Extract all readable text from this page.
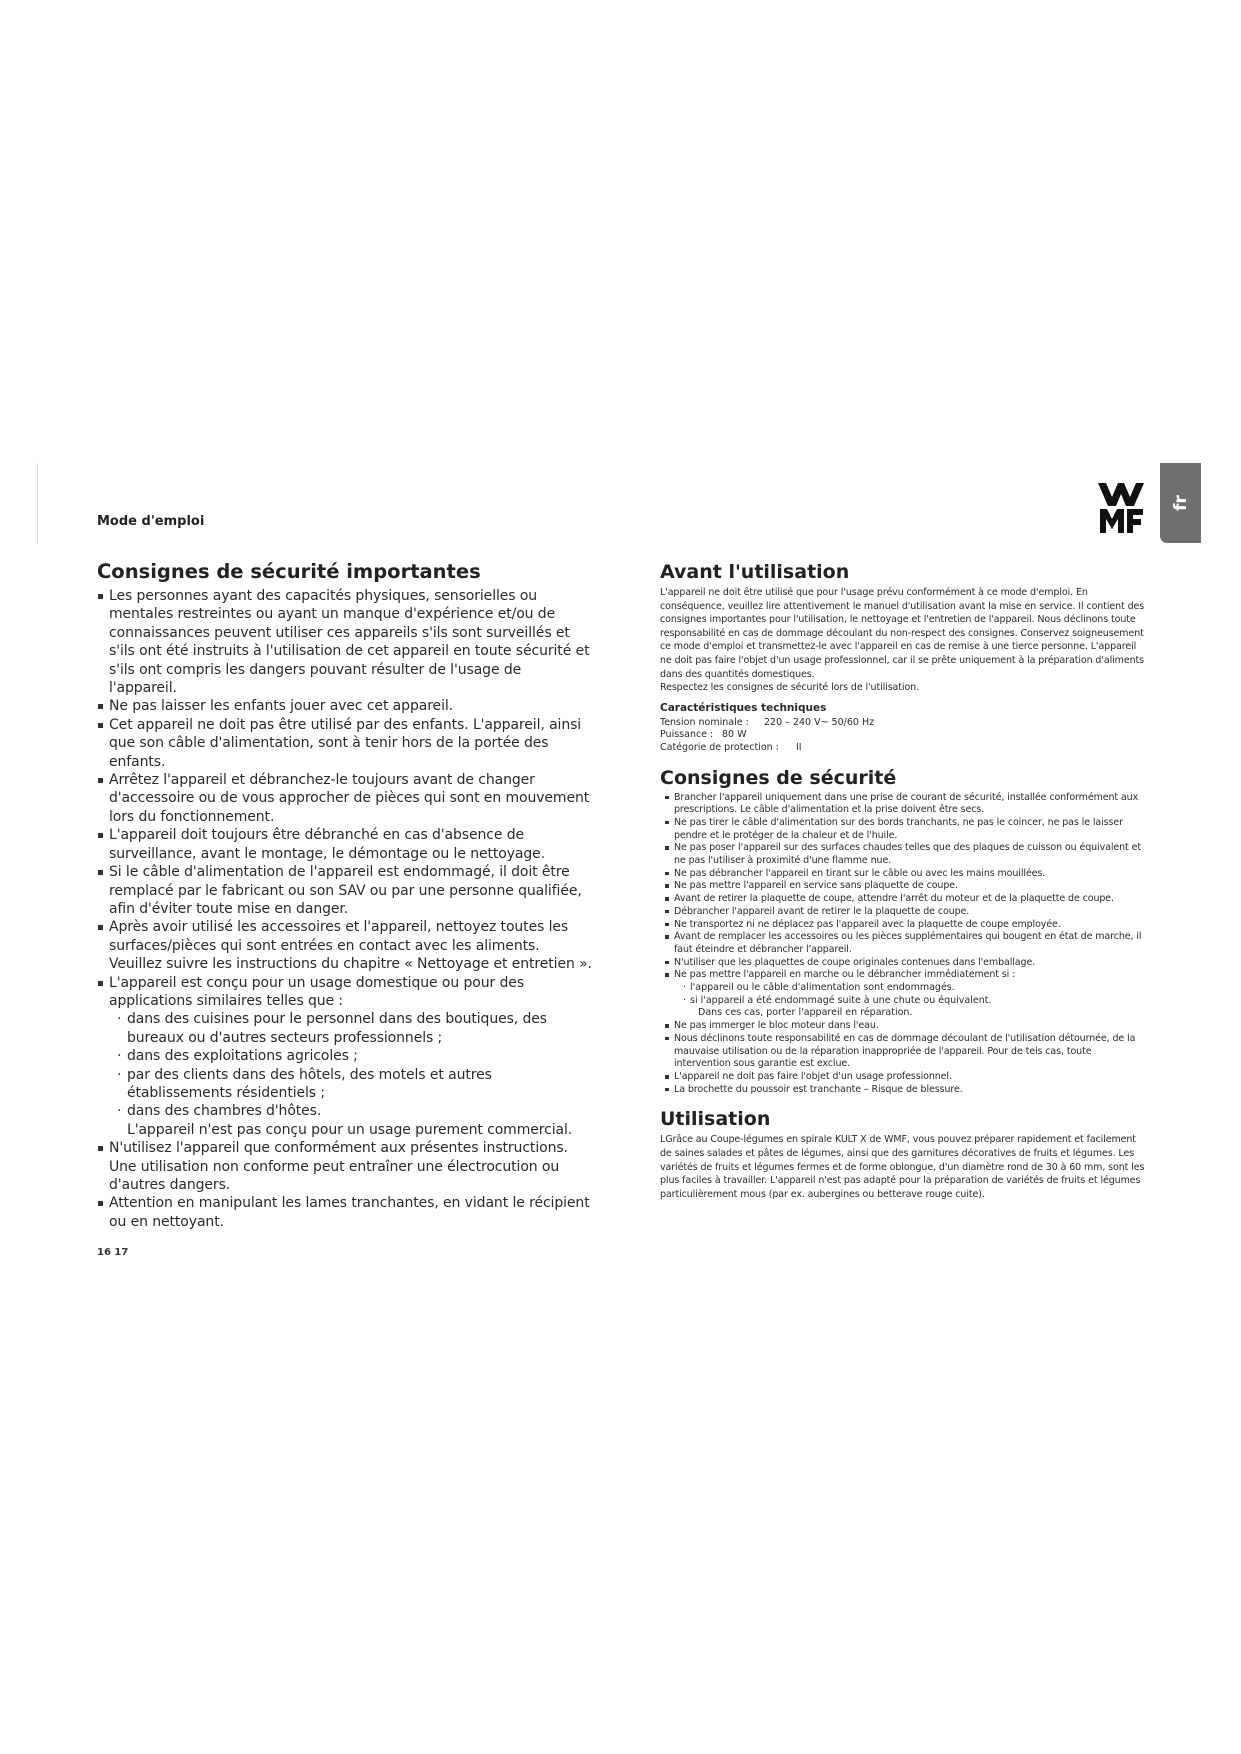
Mode d'emploi
fr
Consignes de sécurité importantes
Les personnes ayant des capacités physiques, sensorielles ou mentales restreintes ou ayant un manque d'expérience et/ou de connaissances peuvent utiliser ces appareils s'ils sont surveillés et s'ils ont été instruits à l'utilisation de cet appareil en toute sécurité et s'ils ont compris les dangers pouvant résulter de l'usage de l'appareil.
Ne pas laisser les enfants jouer avec cet appareil.
Cet appareil ne doit pas être utilisé par des enfants. L'appareil, ainsi que son câble d'alimentation, sont à tenir hors de la portée des enfants.
Arrêtez l'appareil et débranchez-le toujours avant de changer d'accessoire ou de vous approcher de pièces qui sont en mouvement lors du fonctionnement.
L'appareil doit toujours être débranché en cas d'absence de surveillance, avant le montage, le démontage ou le nettoyage.
Si le câble d'alimentation de l'appareil est endommagé, il doit être remplacé par le fabricant ou son SAV ou par une personne qualifiée, afin d'éviter toute mise en danger.
Après avoir utilisé les accessoires et l'appareil, nettoyez toutes les surfaces/pièces qui sont entrées en contact avec les aliments. Veuillez suivre les instructions du chapitre « Nettoyage et entretien ».
L'appareil est conçu pour un usage domestique ou pour des applications similaires telles que :
· dans des cuisines pour le personnel dans des boutiques, des bureaux ou d'autres secteurs professionnels ;
· dans des exploitations agricoles ;
· par des clients dans des hôtels, des motels et autres établissements résidentiels ;
· dans des chambres d'hôtes.
L'appareil n'est pas conçu pour un usage purement commercial.
N'utilisez l'appareil que conformément aux présentes instructions. Une utilisation non conforme peut entraîner une électrocution ou d'autres dangers.
Attention en manipulant les lames tranchantes, en vidant le récipient ou en nettoyant.
Avant l'utilisation

L'appareil ne doit être utilisé que pour l'usage prévu conformément à ce mode d'emploi. En conséquence, veuillez lire attentivement le manuel d'utilisation avant la mise en service. Il contient des consignes importantes pour l'utilisation, le nettoyage et l'entretien de l'appareil. Nous déclinons toute responsabilité en cas de dommage découlant du non-respect des consignes. Conservez soigneusement ce mode d'emploi et transmettez-le avec l'appareil en cas de remise à une tierce personne. L'appareil ne doit pas faire l'objet d'un usage professionnel, car il se prête uniquement à la préparation d'aliments dans des quantités domestiques.

Respectez les consignes de sécurité lors de l'utilisation.

Caractéristiques techniques
Tension nominale :	220 – 240 V~ 50/60 Hz
Puissance : 80 W
Catégorie de protection :	II
Consignes de sécurité
Brancher l'appareil uniquement dans une prise de courant de sécurité, installée conformément aux prescriptions. Le câble d'alimentation et la prise doivent être secs.
Ne pas tirer le câble d'alimentation sur des bords tranchants, ne pas le coincer, ne pas le laisser pendre et le protéger de la chaleur et de l'huile.
Ne pas poser l'appareil sur des surfaces chaudes telles que des plaques de cuisson ou équivalent et ne pas l'utiliser à proximité d'une flamme nue.
Ne pas débrancher l'appareil en tirant sur le câble ou avec les mains mouillées.
Ne pas mettre l'appareil en service sans plaquette de coupe.
Avant de retirer la plaquette de coupe, attendre l'arrêt du moteur et de la plaquette de coupe.
Débrancher l'appareil avant de retirer le la plaquette de coupe.
Ne transportez ni ne déplacez pas l'appareil avec la plaquette de coupe employée.
Avant de remplacer les accessoires ou les pièces supplémentaires qui bougent en état de marche, il faut éteindre et débrancher l'appareil.
N'utiliser que les plaquettes de coupe originales contenues dans l'emballage.
Ne pas mettre l'appareil en marche ou le débrancher immédiatement si :
· l'appareil ou le câble d'alimentation sont endommagés.
· si l'appareil a été endommagé suite à une chute ou équivalent.
Dans ces cas, porter l'appareil en réparation.
Ne pas immerger le bloc moteur dans l'eau.
Nous déclinons toute responsabilité en cas de dommage découlant de l'utilisation détournée, de la mauvaise utilisation ou de la réparation inappropriée de l'appareil. Pour de tels cas, toute intervention sous garantie est exclue.
L'appareil ne doit pas faire l'objet d'un usage professionnel.
La brochette du poussoir est tranchante – Risque de blessure.
Utilisation

LGrâce au Coupe-légumes en spirale KULT X de WMF, vous pouvez préparer rapidement et facilement de saines salades et pâtes de légumes, ainsi que des garnitures décoratives de fruits et légumes. Les variétés de fruits et légumes fermes et de forme oblongue, d'un diamètre rond de 30 à 60 mm, sont les plus faciles à travailler. L'appareil n'est pas adapté pour la préparation de variétés de fruits et légumes particulièrement mous (par ex. aubergines ou betterave rouge cuite).

16 17
